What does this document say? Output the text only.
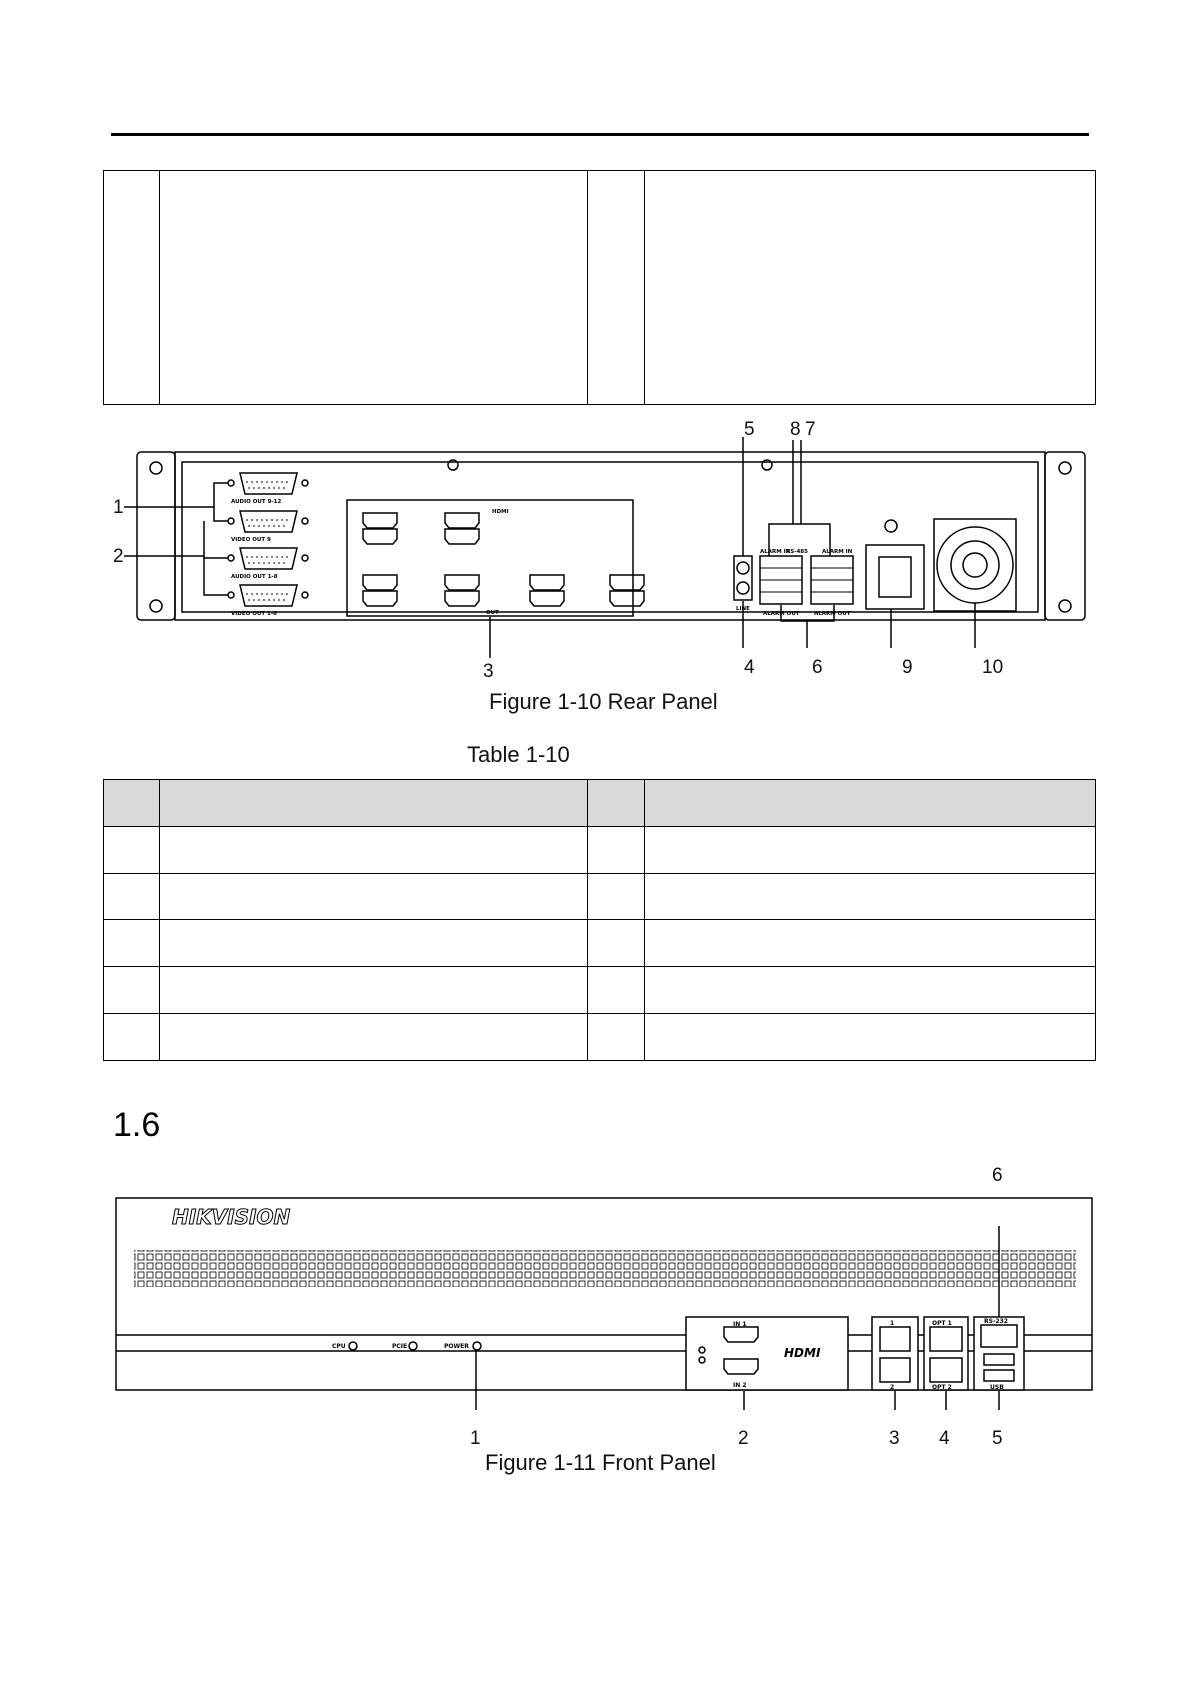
AUDIO OUT 9-12
VIDEO OUT 9
AUDIO OUT 1-8
VIDEO OUT 1-8
HDMI
OUT
LINE
ALARM IN
RS-485	ALARM IN
ALARM OUT	ALARM OUT
1
2
3	4
5
6
8 7
9	10
Figure 1-10 Rear Panel
Table 1-10

1.6
HIKVISION
CPU	PCIE	POWER
IN 1
IN 2
HDMI
1
2
OPT 1
OPT 2
RS-232
USB
1	2	3 4 5
6
Figure 1-11 Front Panel
